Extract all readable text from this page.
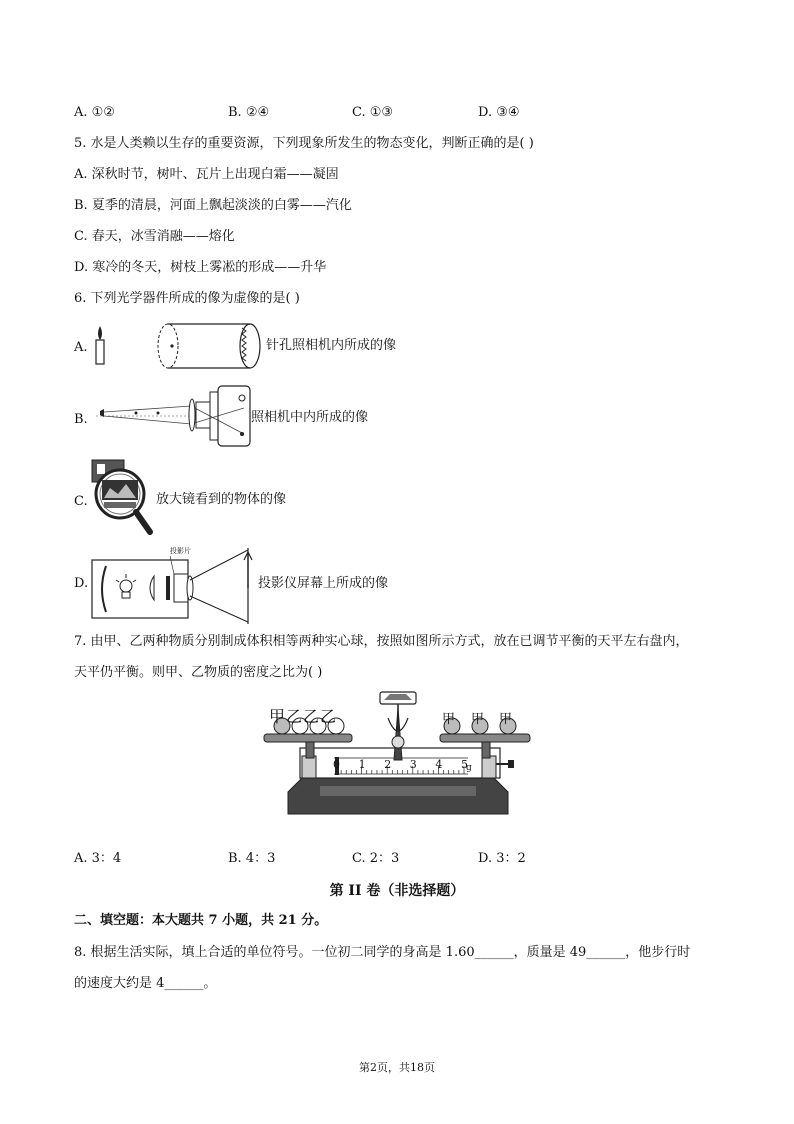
A. ①②	B. ②④	C. ①③	D. ③④
5. 水是人类赖以生存的重要资源，下列现象所发生的物态变化，判断正确的是( )
A. 深秋时节，树叶、瓦片上出现白霜——凝固
B. 夏季的清晨，河面上飘起淡淡的白雾——汽化
C. 春天，冰雪消融——熔化
D. 寒冷的冬天，树枝上雾凇的形成——升华
6. 下列光学器件所成的像为虚像的是( )
A.	针孔照相机内所成的像
B.	照相机中内所成的像
C.	放大镜看到的物体的像
D.
投影片
投影仪屏幕上所成的像
7. 由甲、乙两种物质分别制成体积相等两种实心球，按照如图所示方式，放在已调节平衡的天平左右盘内，
天平仍平衡。则甲、乙物质的密度之比为( )
甲乙乙乙	甲 甲 甲
g
0 1 2 3 4 5
A. 3：4	B. 4：3	C. 2：3	D. 3：2
第 II 卷（非选择题）
二、填空题：本大题共 7 小题，共 21 分。
8. 根据生活实际，填上合适的单位符号。一位初二同学的身高是 1.60______，质量是 49______，他步行时
的速度大约是 4______。
第2页，共18页
